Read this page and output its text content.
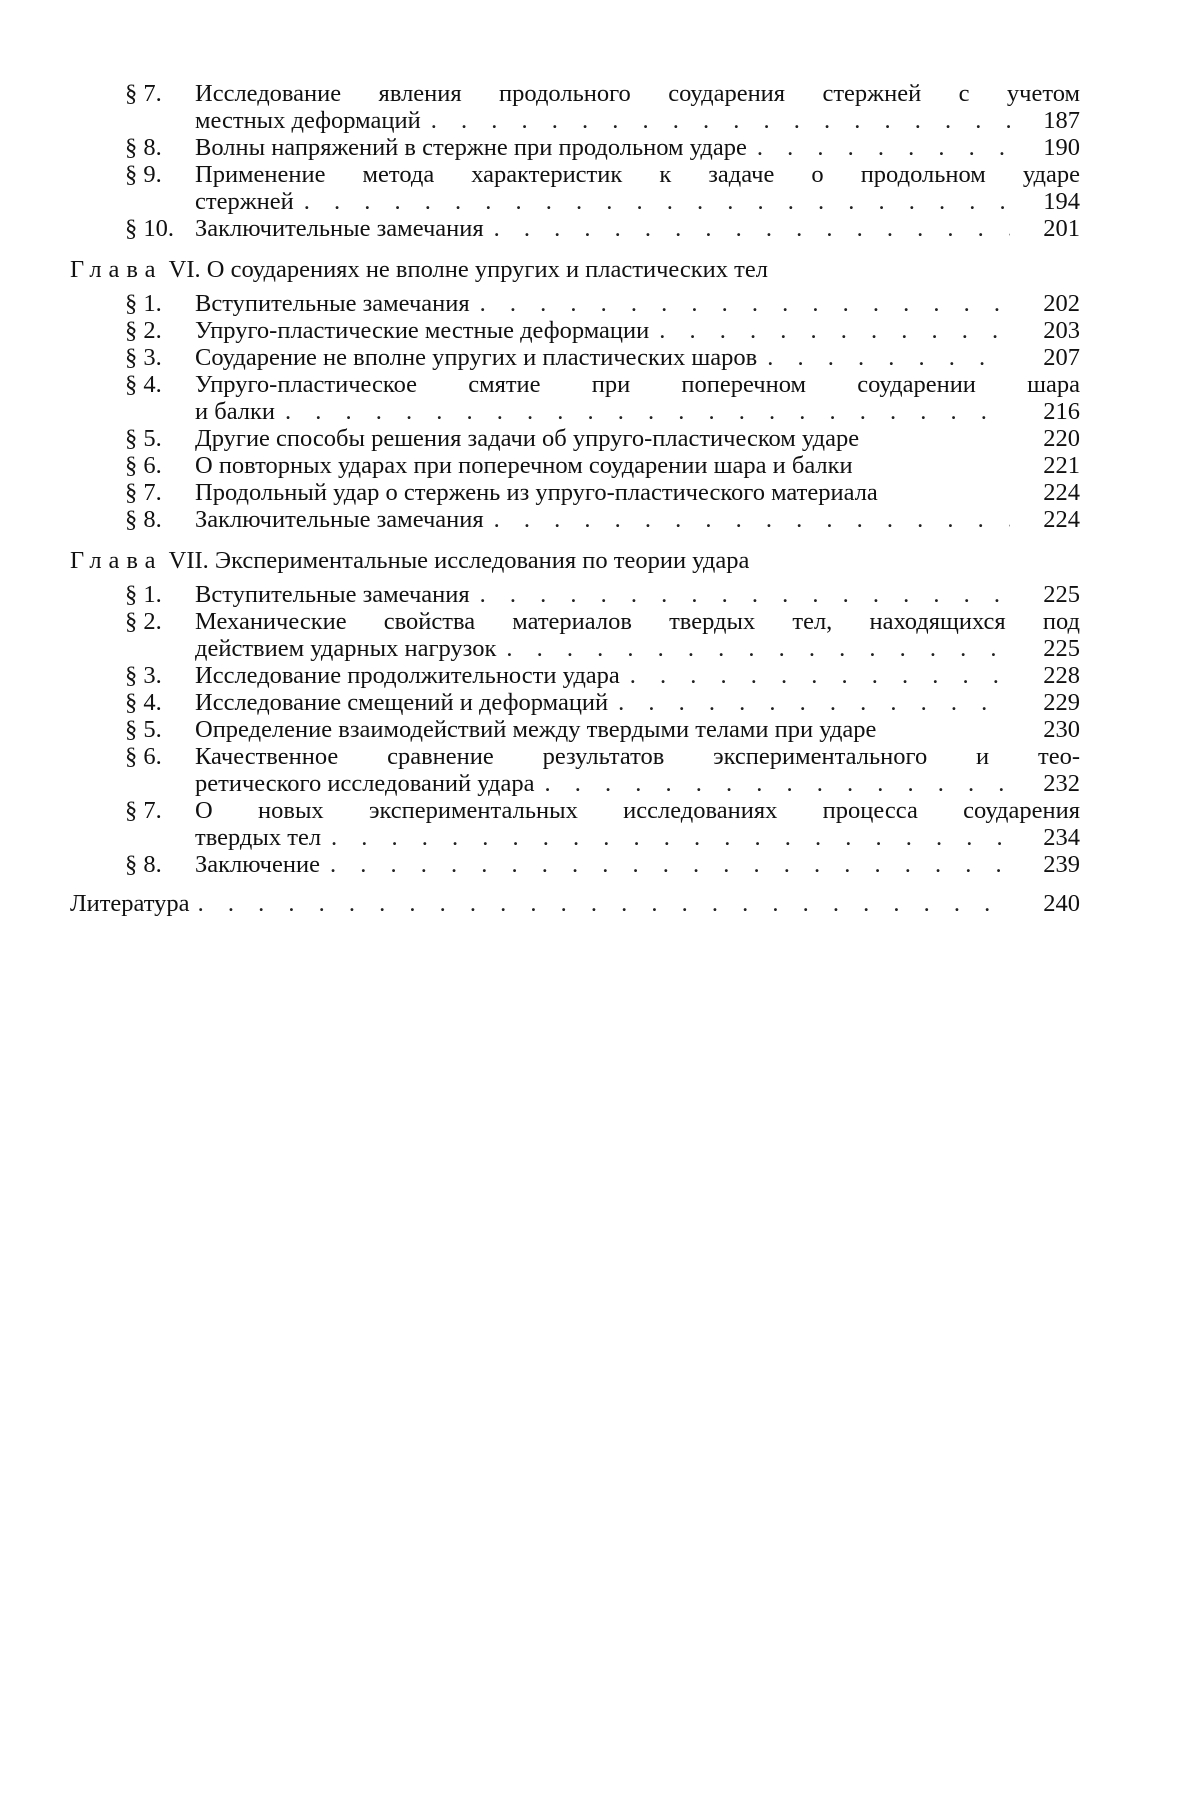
§ 7.	Исследование явления продольного соударения стержней с учетом
местных деформаций . . .	187
§ 8.	Волны напряжений в стержне при продольном ударе . . .	190
§ 9.	Применение метода характеристик к задаче о продольном ударе
стержней . . .	194
§ 10. Заключительные замечания . . .	201
Глава VI. О соударениях не вполне упругих и пластических тел
§ 1.	Вступительные замечания . . .	202
§ 2.	Упруго-пластические местные деформации . . .	203
§ 3.	Соударение не вполне упругих и пластических шаров . . .	207
§ 4.	Упруго-пластическое смятие при поперечном соударении шара
и балки . . .	216
§ 5.	Другие способы решения задачи об упруго-пластическом ударе	220
§ 6.	О повторных ударах при поперечном соударении шара и балки	221
§ 7.	Продольный удар о стержень из упруго-пластического материала	224
§ 8.	Заключительные замечания . . .	224
Глава VII. Экспериментальные исследования по теории удара
§ 1.	Вступительные замечания . . .	225
§ 2.	Механические свойства материалов твердых тел, находящихся под
действием ударных нагрузок . . .	225
§ 3.	Исследование продолжительности удара . . .	228
§ 4.	Исследование смещений и деформаций . . .	229
§ 5.	Определение взаимодействий между твердыми телами при ударе	230
§ 6.	Качественное сравнение результатов экспериментального и тео-
ретического исследований удара . . .	232
§ 7.	О новых экспериментальных исследованиях процесса соударения
твердых тел . . .	234
§ 8.	Заключение . . .	239
Литература . . .	240
